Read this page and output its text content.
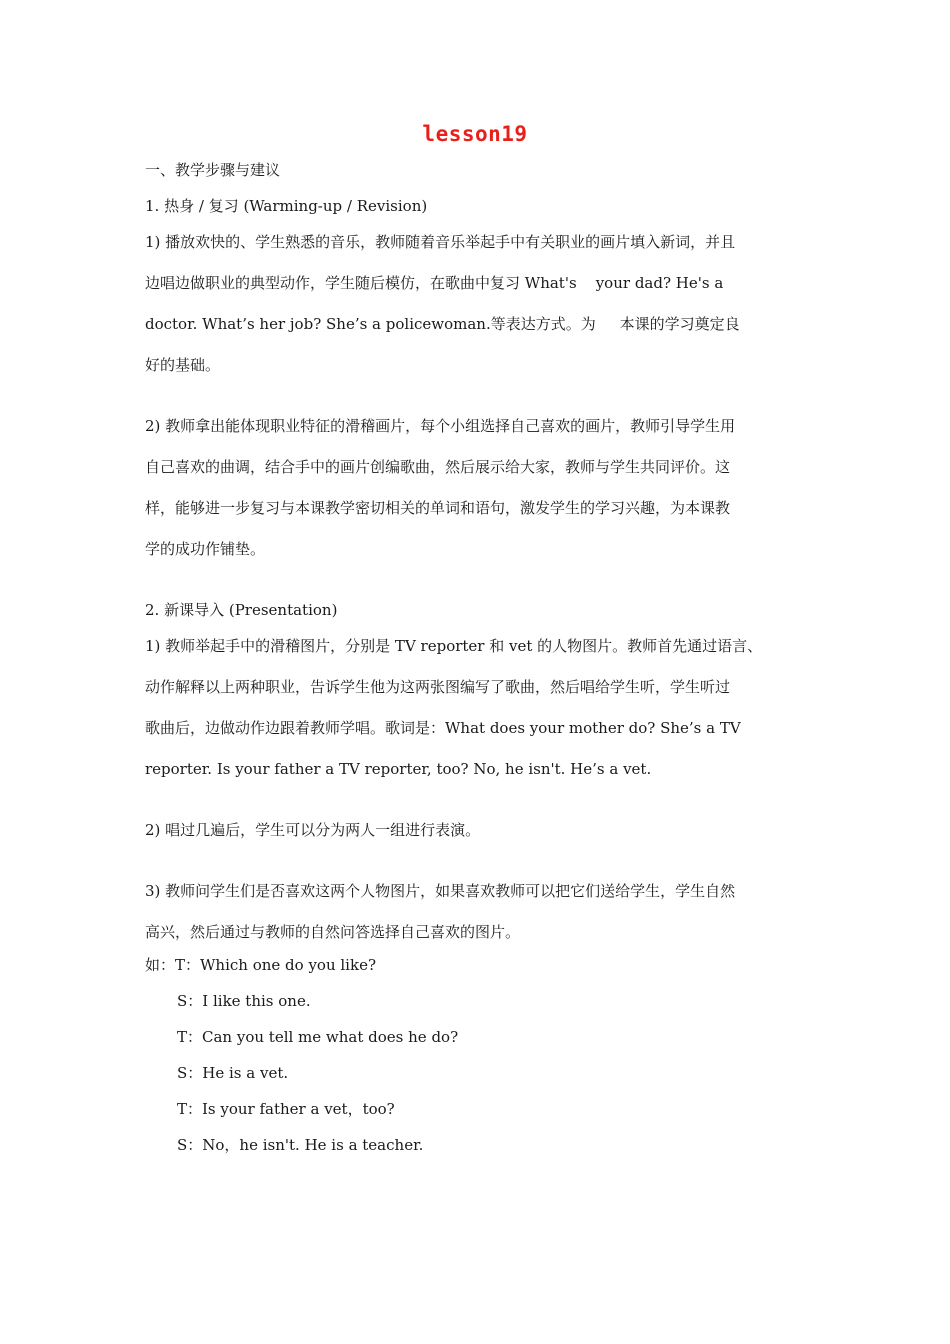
lesson19
一、教学步骤与建议
1. 热身 / 复习 (Warming-up / Revision)

1) 播放欢快的、学生熟悉的音乐，教师随着音乐举起手中有关职业的画片填入新词，并且

边唱边做职业的典型动作，学生随后模仿，在歌曲中复习 What's    your dad? He's a

doctor. What’s her job? She’s a policewoman.等表达方式。为     本课的学习奠定良

好的基础。

2) 教师拿出能体现职业特征的滑稽画片，每个小组选择自己喜欢的画片，教师引导学生用

自己喜欢的曲调，结合手中的画片创编歌曲，然后展示给大家，教师与学生共同评价。这

样，能够进一步复习与本课教学密切相关的单词和语句，激发学生的学习兴趣，为本课教

学的成功作铺垫。

2. 新课导入 (Presentation)

1) 教师举起手中的滑稽图片，分别是 TV reporter 和 vet 的人物图片。教师首先通过语言、

动作解释以上两种职业，告诉学生他为这两张图编写了歌曲，然后唱给学生听，学生听过

歌曲后，边做动作边跟着教师学唱。歌词是：What does your mother do? She’s a TV

reporter. Is your father a TV reporter, too? No, he isn't. He’s a vet.

2) 唱过几遍后，学生可以分为两人一组进行表演。

3) 教师问学生们是否喜欢这两个人物图片，如果喜欢教师可以把它们送给学生，学生自然

高兴，然后通过与教师的自然问答选择自己喜欢的图片。

如：T：Which one do you like?
S：I like this one.
T：Can you tell me what does he do?
S：He is a vet.
T：Is your father a vet，too?
S：No，he isn't. He is a teacher.
